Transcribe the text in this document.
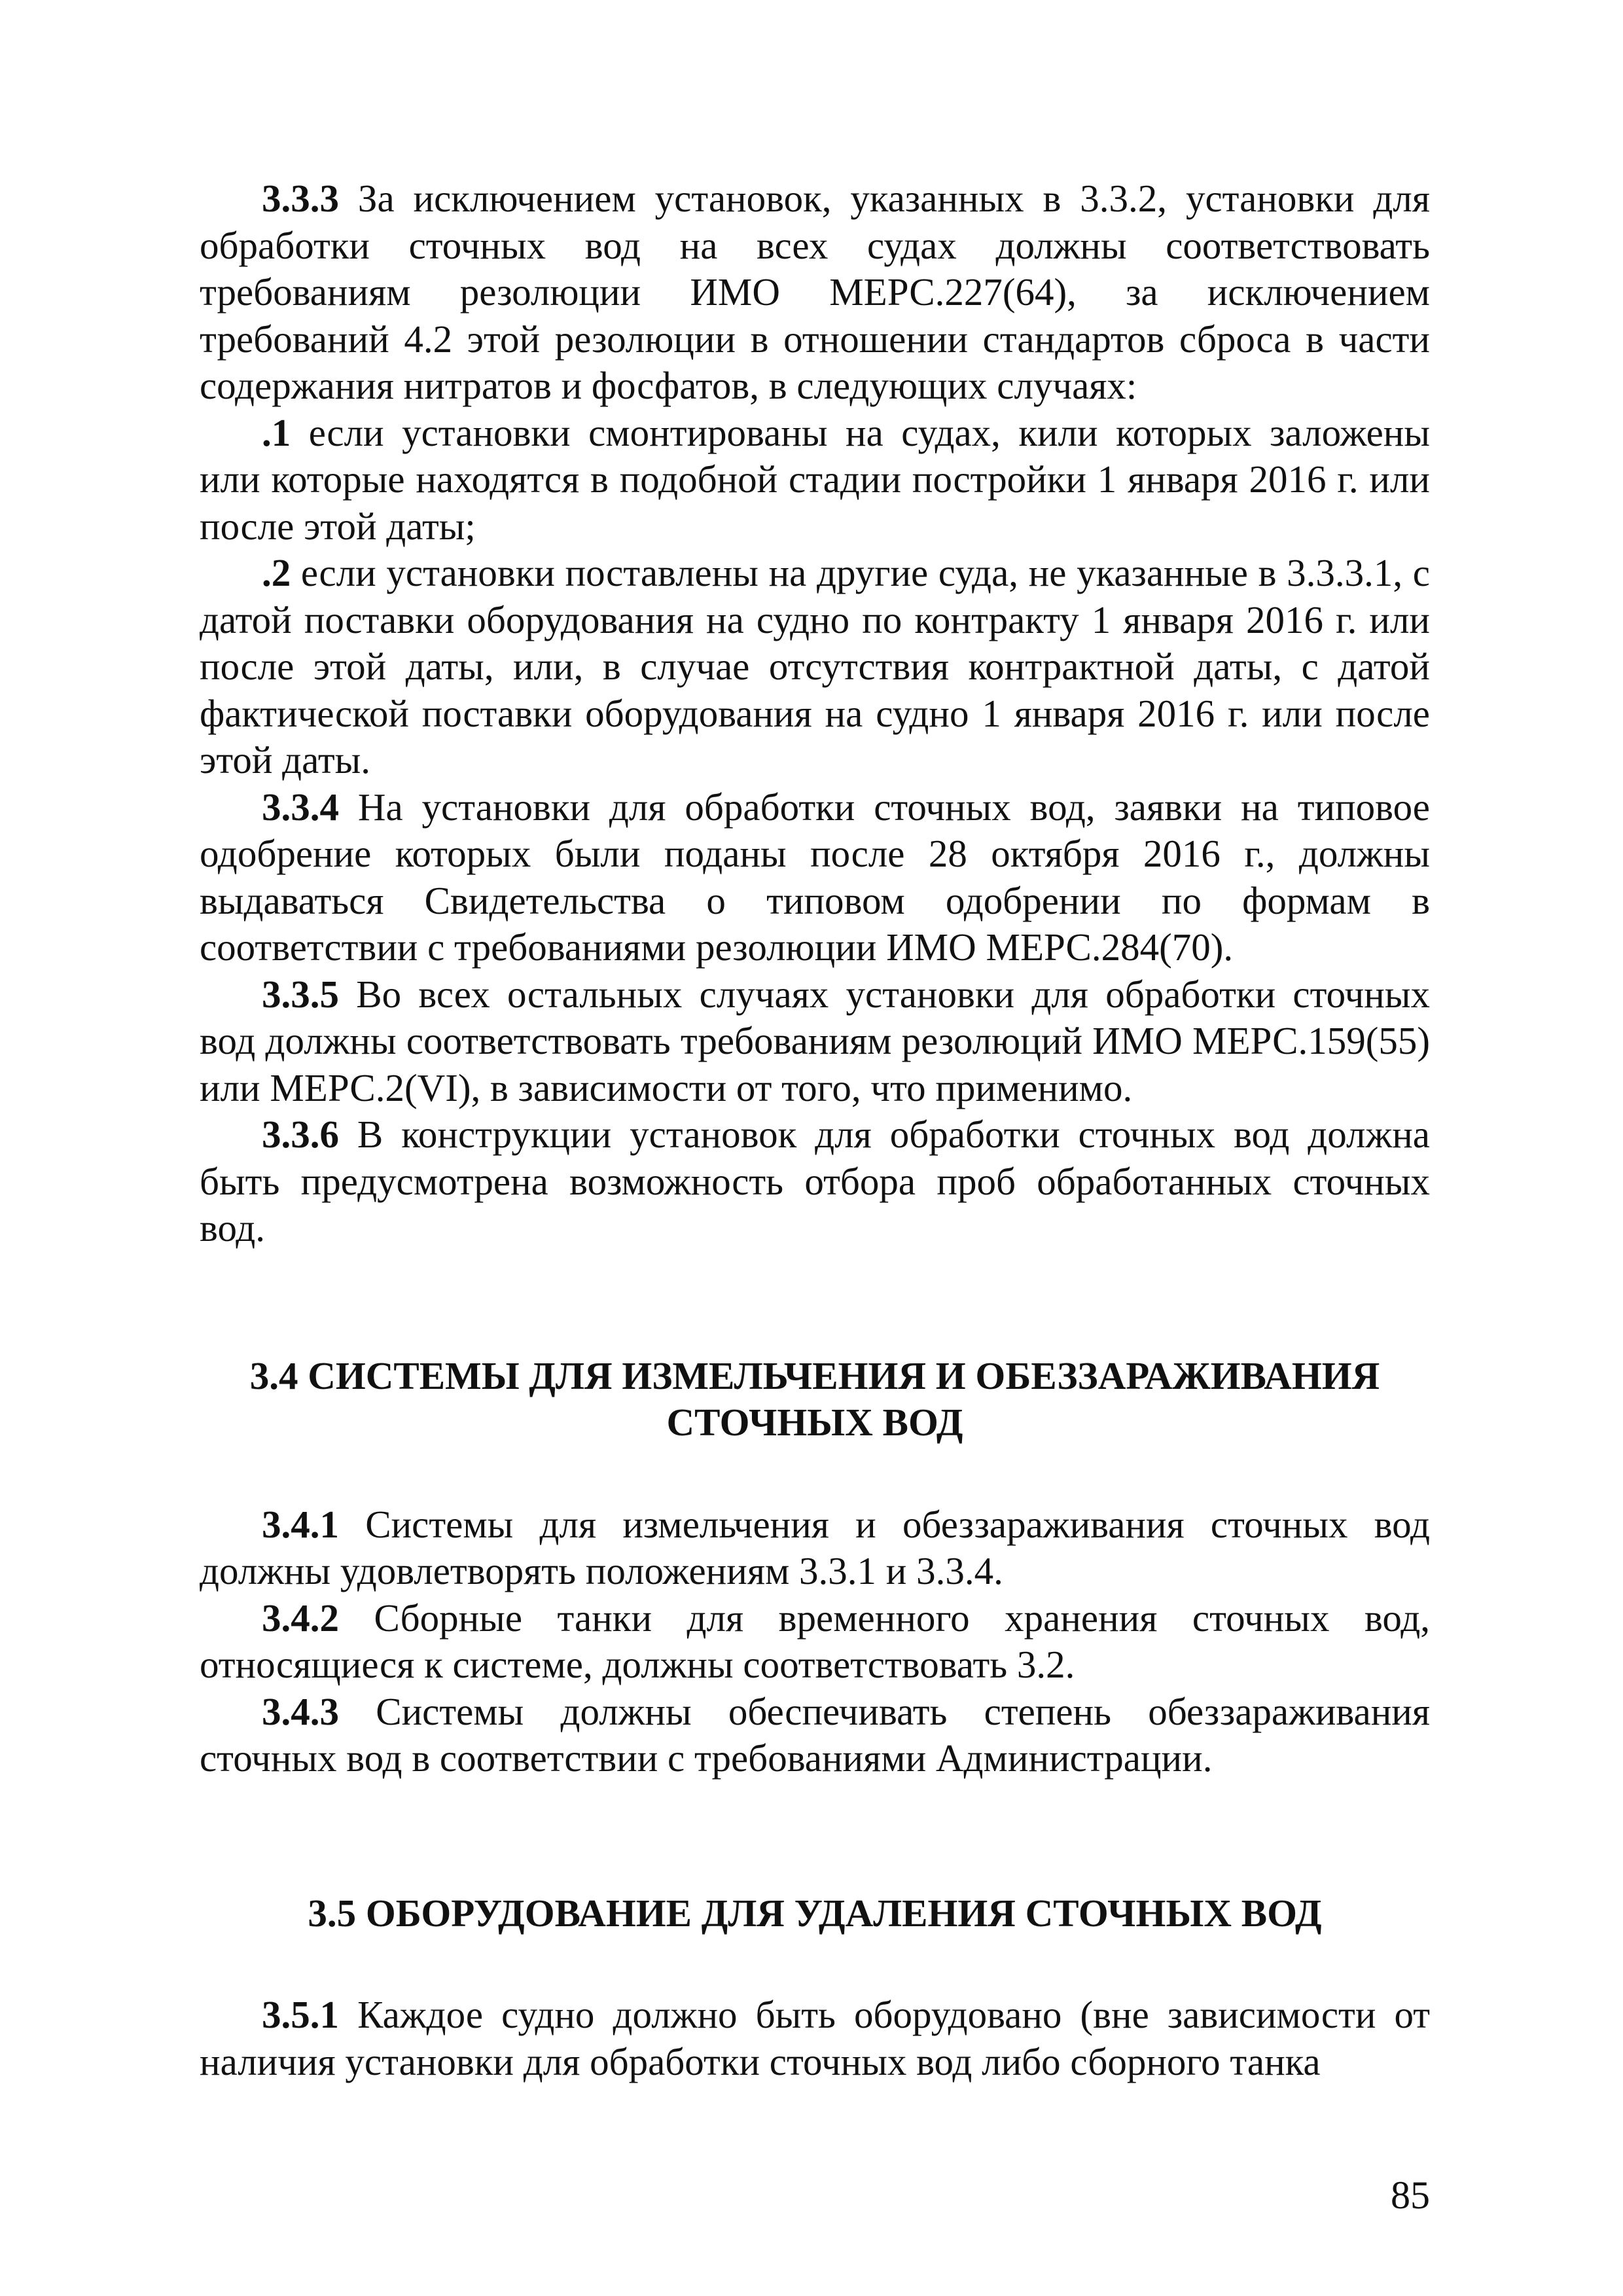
3.3.3 За исключением установок, указанных в 3.3.2, установки для обработки сточных вод на всех судах должны соответствовать требованиям резолюции ИМО МЕРС.227(64), за исключением требований 4.2 этой резолюции в отношении стандартов сброса в части содержания нитратов и фосфатов, в следующих случаях:

.1 если установки смонтированы на судах, кили которых заложены или которые находятся в подобной стадии постройки 1 января 2016 г. или после этой даты;

.2 если установки поставлены на другие суда, не указанные в 3.3.3.1, с датой поставки оборудования на судно по контракту 1 января 2016 г. или после этой даты, или, в случае отсутствия контрактной даты, с датой фактической поставки оборудования на судно 1 января 2016 г. или после этой даты.

3.3.4 На установки для обработки сточных вод, заявки на типовое одобрение которых были поданы после 28 октября 2016 г., должны выдаваться Свидетельства о типовом одобрении по формам в соответствии с требованиями резолюции ИМО МЕРС.284(70).

3.3.5 Во всех остальных случаях установки для обработки сточных вод должны соответствовать требованиям резолюций ИМО МЕРС.159(55) или МЕРС.2(VI), в зависимости от того, что применимо.

3.3.6 В конструкции установок для обработки сточных вод должна быть предусмотрена возможность отбора проб обработанных сточных вод.

3.4 СИСТЕМЫ ДЛЯ ИЗМЕЛЬЧЕНИЯ И ОБЕЗЗАРАЖИВАНИЯ
СТОЧНЫХ ВОД

3.4.1 Системы для измельчения и обеззараживания сточных вод должны удовлетворять положениям 3.3.1 и 3.3.4.

3.4.2 Сборные танки для временного хранения сточных вод, относящиеся к системе, должны соответствовать 3.2.

3.4.3 Системы должны обеспечивать степень обеззараживания сточных вод в соответствии с требованиями Администрации.

3.5 ОБОРУДОВАНИЕ ДЛЯ УДАЛЕНИЯ СТОЧНЫХ ВОД

3.5.1 Каждое судно должно быть оборудовано (вне зависимости от наличия установки для обработки сточных вод либо сборного танка

85
